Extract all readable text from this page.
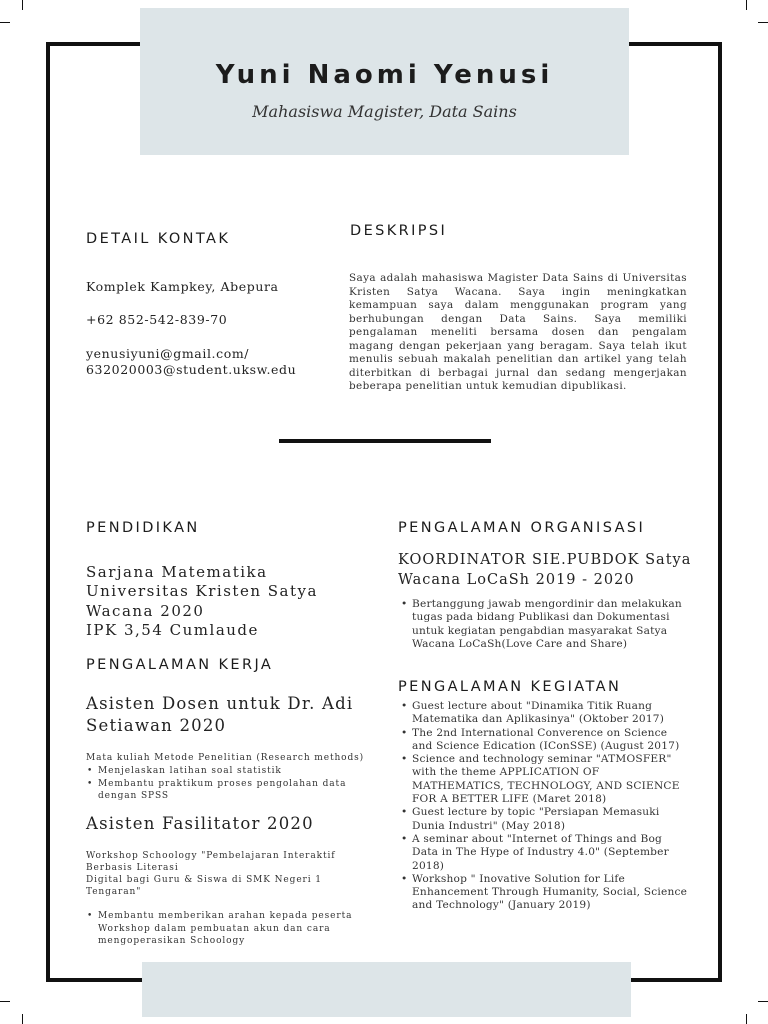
Yuni Naomi Yenusi
Mahasiswa Magister, Data Sains
DETAIL KONTAK
Komplek Kampkey, Abepura
+62 852-542-839-70
yenusiyuni@gmail.com/
632020003@student.uksw.edu
DESKRIPSI
Saya adalah mahasiswa Magister Data Sains di Universitas Kristen Satya Wacana. Saya ingin meningkatkan kemampuan saya dalam menggunakan program yang berhubungan dengan Data Sains. Saya memiliki pengalaman meneliti bersama dosen dan pengalam magang dengan pekerjaan yang beragam. Saya telah ikut menulis sebuah makalah penelitian dan artikel yang telah diterbitkan di berbagai jurnal dan sedang mengerjakan beberapa penelitian untuk kemudian dipublikasi.
PENDIDIKAN
Sarjana Matematika
Universitas Kristen Satya
Wacana 2020
IPK 3,54 Cumlaude
PENGALAMAN KERJA
Asisten Dosen untuk Dr. Adi
Setiawan 2020
Mata kuliah Metode Penelitian (Research methods)
• Menjelaskan latihan soal statistik
• Membantu praktikum proses pengolahan data dengan SPSS
Asisten Fasilitator 2020
Workshop Schoology "Pembelajaran Interaktif
Berbasis Literasi
Digital bagi Guru & Siswa di SMK Negeri 1
Tengaran"
• Membantu memberikan arahan kepada peserta Workshop dalam pembuatan akun dan cara mengoperasikan Schoology
PENGALAMAN ORGANISASI
KOORDINATOR SIE.PUBDOK Satya
Wacana LoCaSh 2019 - 2020
• Bertanggung jawab mengordinir dan melakukan tugas pada bidang Publikasi dan Dokumentasi untuk kegiatan pengabdian masyarakat Satya Wacana LoCaSh(Love Care and Share)
PENGALAMAN KEGIATAN
• Guest lecture about "Dinamika Titik Ruang Matematika dan Aplikasinya" (Oktober 2017)
• The 2nd International Converence on Science and Science Edication (IConSSE) (August 2017)
• Science and technology seminar "ATMOSFER" with the theme APPLICATION OF MATHEMATICS, TECHNOLOGY, AND SCIENCE FOR A BETTER LIFE (Maret 2018)
• Guest lecture by topic "Persiapan Memasuki Dunia Industri" (May 2018)
• A seminar about "Internet of Things and Bog Data in The Hype of Industry 4.0" (September 2018)
• Workshop " Inovative Solution for Life Enhancement Through Humanity, Social, Science and Technology" (January 2019)
